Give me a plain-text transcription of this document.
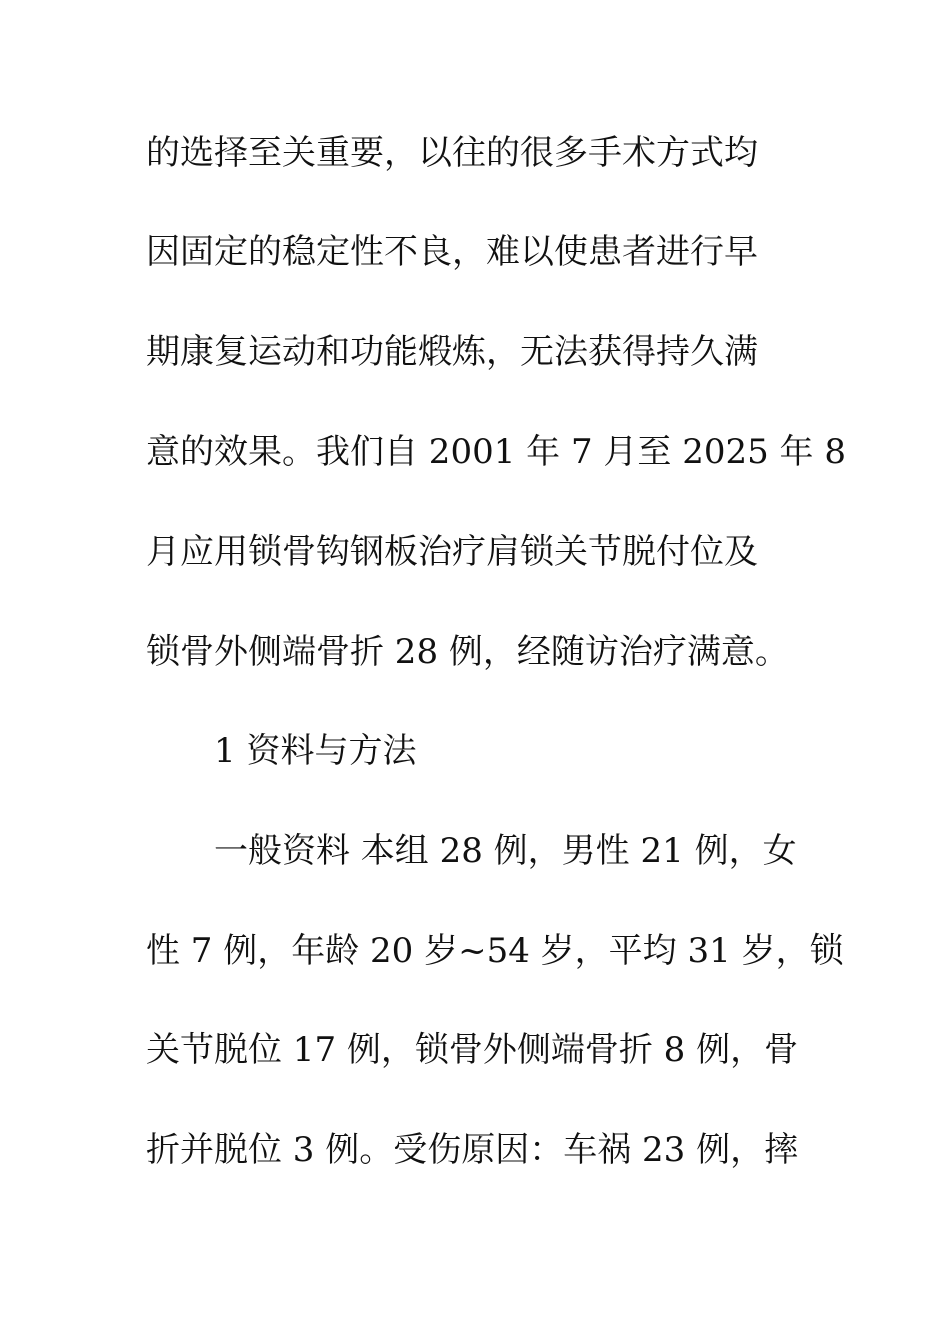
的选择至关重要，以往的很多手术方式均
因固定的稳定性不良，难以使患者进行早
期康复运动和功能煅炼，无法获得持久满
意的效果。我们自 2001 年 7 月至 2025 年 8
月应用锁骨钩钢板治疗肩锁关节脱付位及
锁骨外侧端骨折 28 例，经随访治疗满意。
1 资料与方法
一般资料 本组 28 例，男性 21 例，女
性 7 例，年龄 20 岁~54 岁，平均 31 岁，锁
关节脱位 17 例，锁骨外侧端骨折 8 例，骨
折并脱位 3 例。受伤原因：车祸 23 例，摔
